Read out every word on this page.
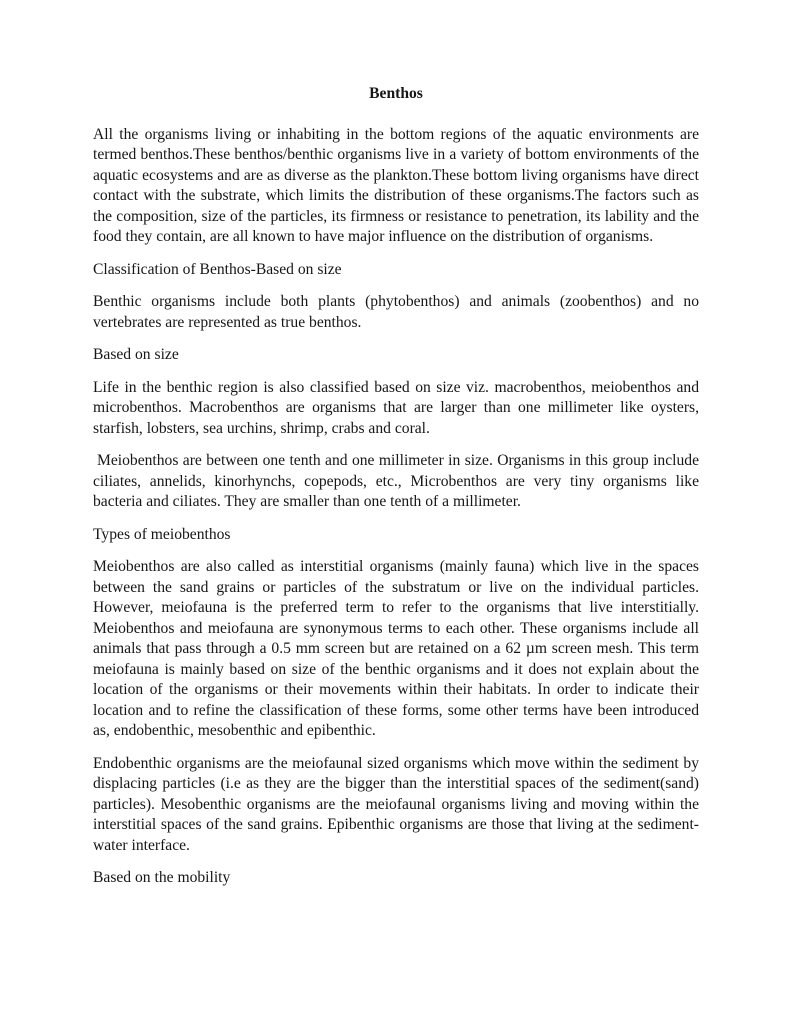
Benthos

All the organisms living or inhabiting in the bottom regions of the aquatic environments are termed benthos.These benthos/benthic organisms live in a variety of bottom environments of the aquatic ecosystems and are as diverse as the plankton.These bottom living organisms have direct contact with the substrate, which limits the distribution of these organisms.The factors such as the composition, size of the particles, its firmness or resistance to penetration, its lability and the food they contain, are all known to have major influence on the distribution of organisms.

Classification of Benthos-Based on size

Benthic organisms include both plants (phytobenthos) and animals (zoobenthos) and no vertebrates are represented as true benthos.

Based on size

Life in the benthic region is also classified based on size viz. macrobenthos, meiobenthos and microbenthos. Macrobenthos are organisms that are larger than one millimeter like oysters, starfish, lobsters, sea urchins, shrimp, crabs and coral.

Meiobenthos are between one tenth and one millimeter in size. Organisms in this group include ciliates, annelids, kinorhynchs, copepods, etc., Microbenthos are very tiny organisms like bacteria and ciliates. They are smaller than one tenth of a millimeter.

Types of meiobenthos

Meiobenthos are also called as interstitial organisms (mainly fauna) which live in the spaces between the sand grains or particles of the substratum or live on the individual particles. However, meiofauna is the preferred term to refer to the organisms that live interstitially. Meiobenthos and meiofauna are synonymous terms to each other. These organisms include all animals that pass through a 0.5 mm screen but are retained on a 62 µm screen mesh. This term meiofauna is mainly based on size of the benthic organisms and it does not explain about the location of the organisms or their movements within their habitats. In order to indicate their location and to refine the classification of these forms, some other terms have been introduced as, endobenthic, mesobenthic and epibenthic.

Endobenthic organisms are the meiofaunal sized organisms which move within the sediment by displacing particles (i.e as they are the bigger than the interstitial spaces of the sediment(sand) particles). Mesobenthic organisms are the meiofaunal organisms living and moving within the interstitial spaces of the sand grains. Epibenthic organisms are those that living at the sediment-water interface.

Based on the mobility
